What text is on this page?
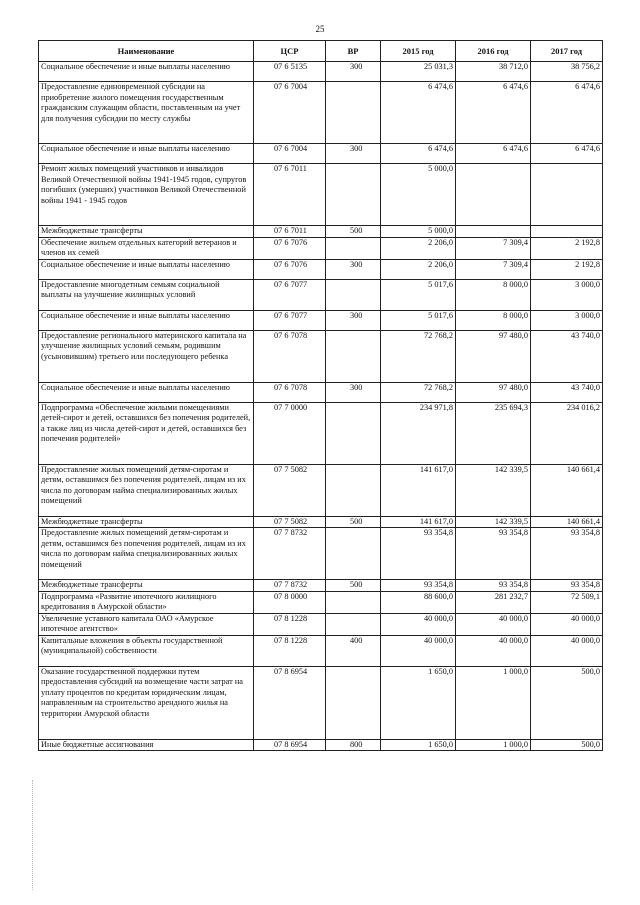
25
Наименование	ЦСР	ВР	2015 год	2016 год	2017 год
Социальное обеспечение и иные выплаты населению	07 6 5135	300	25 031,3	38 712,0	38 756,2
Предоставление единовременной субсидии на приобретение жилого помещения государственным гражданским служащим области, поставленным на учет для получения субсидии по месту службы	07 6 7004		6 474,6	6 474,6	6 474,6
Социальное обеспечение и иные выплаты населению	07 6 7004	300	6 474,6	6 474,6	6 474,6
Ремонт жилых помещений участников и инвалидов Великой Отечественной войны 1941-1945 годов, супругов погибших (умерших) участников Великой Отечественной войны 1941 - 1945 годов	07 6 7011		5 000,0		
Межбюджетные трансферты	07 6 7011	500	5 000,0		
Обеспечение жильем отдельных категорий ветеранов и членов их семей	07 6 7076		2 206,0	7 309,4	2 192,8
Социальное обеспечение и иные выплаты населению	07 6 7076	300	2 206,0	7 309,4	2 192,8
Предоставление многодетным семьям социальной выплаты на улучшение жилищных условий	07 6 7077		5 017,6	8 000,0	3 000,0
Социальное обеспечение и иные выплаты населению	07 6 7077	300	5 017,6	8 000,0	3 000,0
Предоставление регионального материнского капитала на улучшение жилищных условий семьям, родившим (усыновившим) третьего или последующего ребенка	07 6 7078		72 768,2	97 480,0	43 740,0
Социальное обеспечение и иные выплаты населению	07 6 7078	300	72 768,2	97 480,0	43 740,0
Подпрограмма «Обеспечение жилыми помещениями детей-сирот и детей, оставшихся без попечения родителей, а также лиц из числа детей-сирот и детей, оставшихся без попечения родителей»	07 7 0000		234 971,8	235 694,3	234 016,2
Предоставление жилых помещений детям-сиротам и детям, оставшимся без попечения родителей, лицам из их числа по договорам найма специализированных жилых помещений	07 7 5082		141 617,0	142 339,5	140 661,4
Межбюджетные трансферты	07 7 5082	500	141 617,0	142 339,5	140 661,4
Предоставление жилых помещений детям-сиротам и детям, оставшимся без попечения родителей, лицам из их числа по договорам найма специализированных жилых помещений	07 7 8732		93 354,8	93 354,8	93 354,8
Межбюджетные трансферты	07 7 8732	500	93 354,8	93 354,8	93 354,8
Подпрограмма «Развитие ипотечного жилищного кредитования в Амурской области»	07 8 0000		88 600,0	281 232,7	72 509,1
Увеличение уставного капитала ОАО «Амурское ипотечное агентство»	07 8 1228		40 000,0	40 000,0	40 000,0
Капитальные вложения в объекты государственной (муниципальной) собственности	07 8 1228	400	40 000,0	40 000,0	40 000,0
Оказание государственной поддержки путем предоставления субсидий на возмещение части затрат на уплату процентов по кредитам юридическим лицам, направленным на строительство арендного жилья на территории Амурской области	07 8 6954		1 650,0	1 000,0	500,0
Иные бюджетные ассигнования	07 8 6954	800	1 650,0	1 000,0	500,0
